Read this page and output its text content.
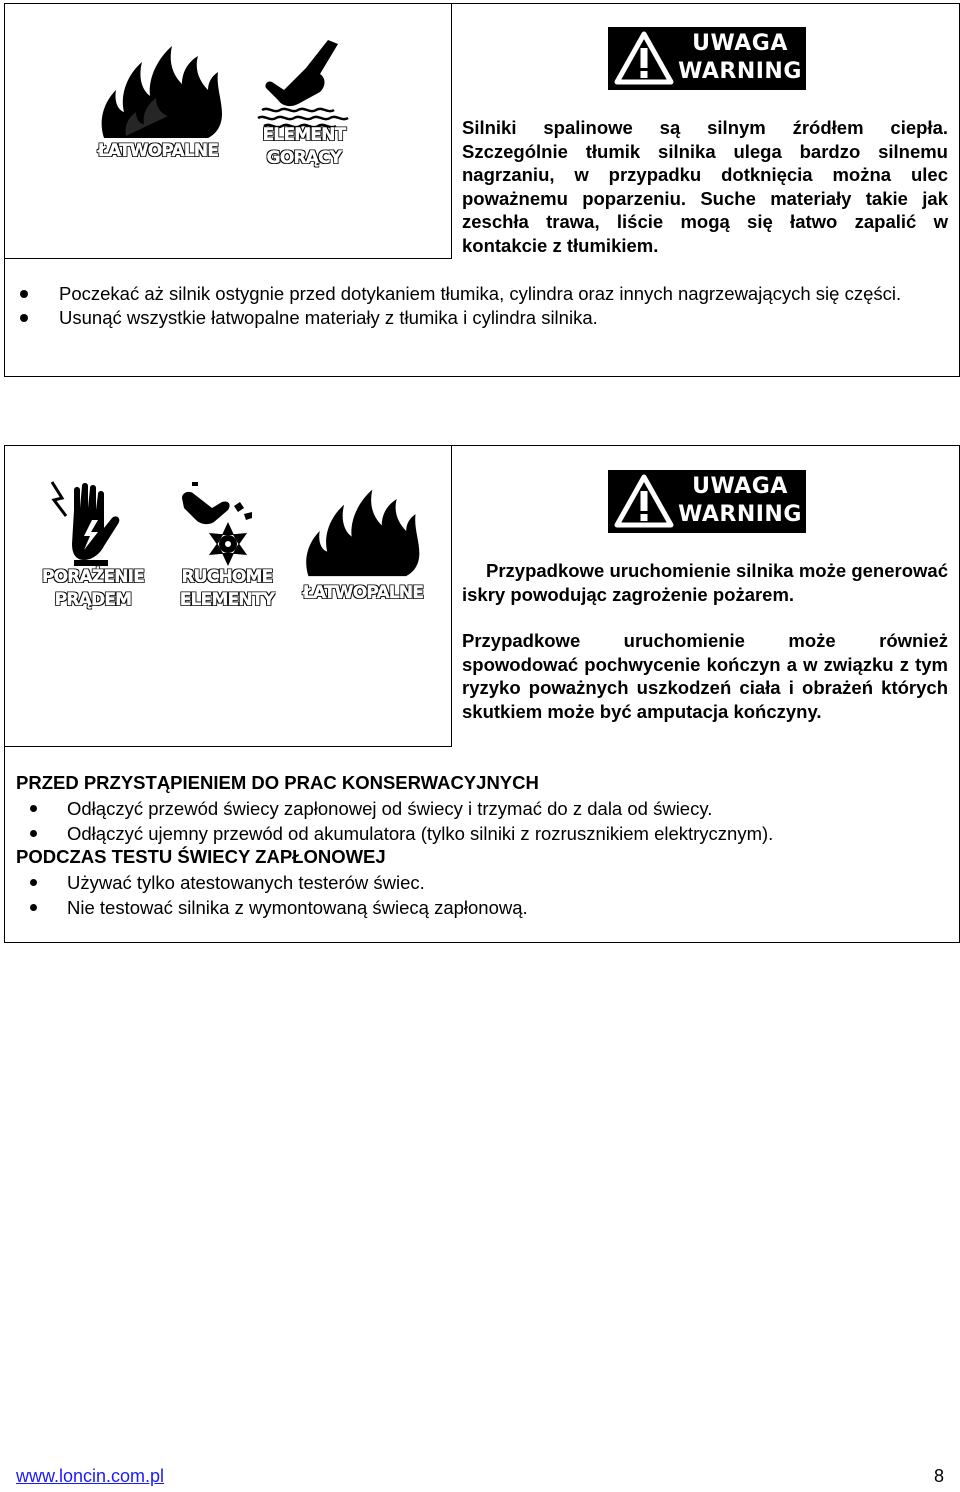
ŁATWOPALNE
ELEMENT
GORĄCY
UWAGA
WARNING
Silniki spalinowe są silnym źródłem ciepła. Szczególnie tłumik silnika ulega bardzo silnemu nagrzaniu, w przypadku dotknięcia można ulec poważnemu poparzeniu. Suche materiały takie jak zeschła trawa, liście mogą się łatwo zapalić w kontakcie z tłumikiem.
Poczekać aż silnik ostygnie przed dotykaniem tłumika, cylindra oraz innych nagrzewających się części.
Usunąć wszystkie łatwopalne materiały z tłumika i cylindra silnika.
PORAŻENIE
PRĄDEM
RUCHOME
ELEMENTY	ŁATWOPALNE
UWAGA
WARNING
Przypadkowe uruchomienie silnika może generować iskry powodując zagrożenie pożarem.
Przypadkowe uruchomienie może również spowodować pochwycenie kończyn a w związku z tym ryzyko poważnych uszkodzeń ciała i obrażeń których skutkiem może być amputacja kończyny.
PRZED PRZYSTĄPIENIEM DO PRAC KONSERWACYJNYCH
Odłączyć przewód świecy zapłonowej od świecy i trzymać do z dala od świecy.
Odłączyć ujemny przewód od akumulatora (tylko silniki z rozrusznikiem elektrycznym).
PODCZAS TESTU ŚWIECY ZAPŁONOWEJ
Używać tylko atestowanych testerów świec.
Nie testować silnika z wymontowaną świecą zapłonową.
www.loncin.com.pl	8
